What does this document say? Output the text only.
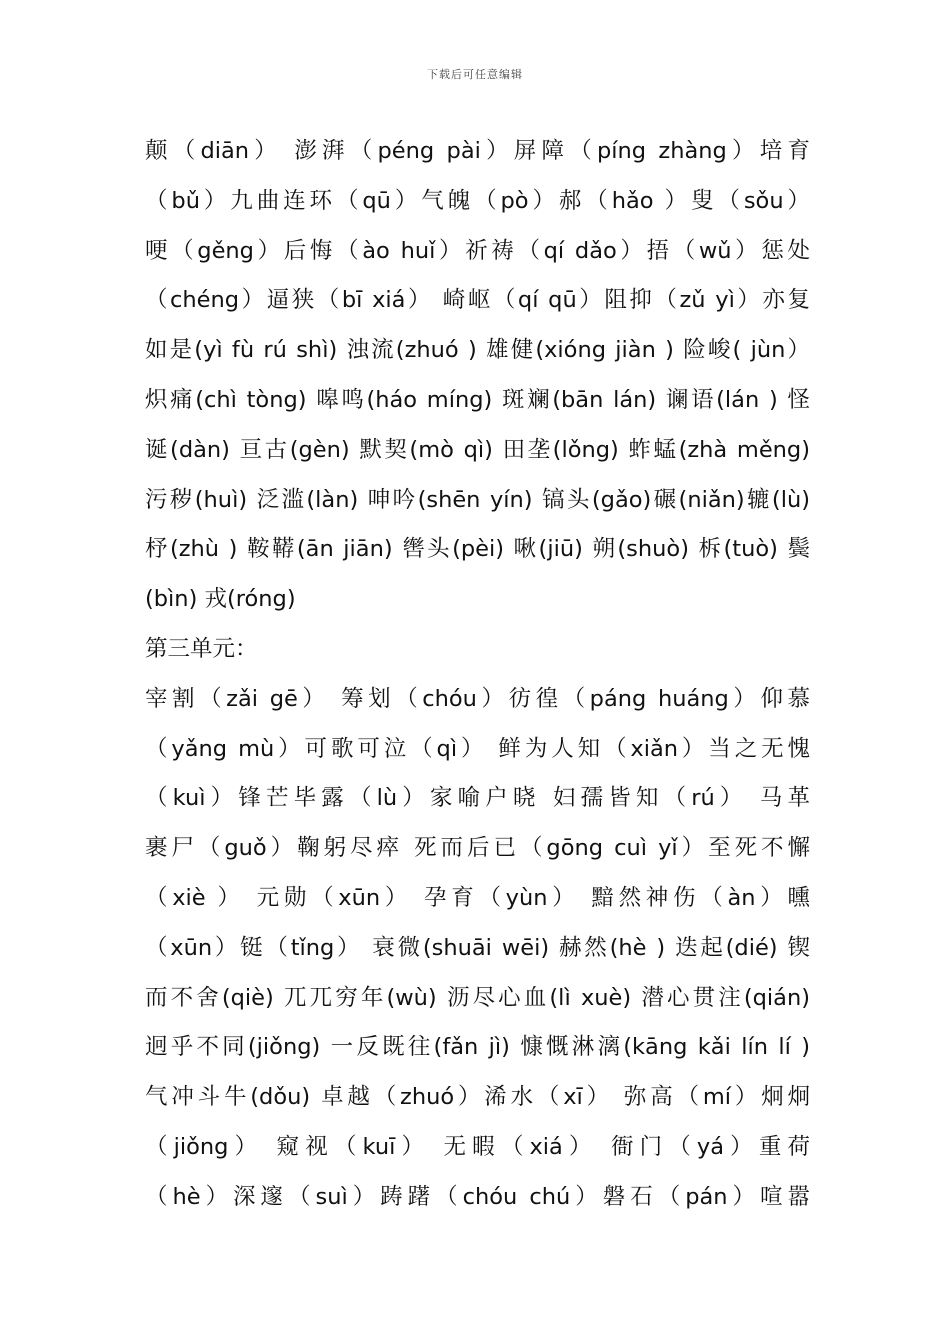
下载后可任意编辑
颠（diān） 澎湃（péng pài）屏障（píng zhàng）培育
（bǔ）九曲连环（qū）气魄（pò）郝（hǎo ）叟（sǒu）
哽（gěng）后悔（ào huǐ）祈祷（qí dǎo）捂（wǔ）惩处
（chéng）逼狭（bī xiá） 崎岖（qí qū）阻抑（zǔ yì）亦复
如是(yì fù rú shì) 浊流(zhuó ) 雄健(xióng jiàn ) 险峻( jùn）
炽痛(chì tòng) 嗥鸣(háo míng) 斑斓(bān lán) 谰语(lán ) 怪
诞(dàn) 亘古(gèn) 默契(mò qì) 田垄(lǒng) 蚱蜢(zhà měng)
污秽(huì) 泛滥(làn) 呻吟(shēn yín) 镐头(gǎo)碾(niǎn)辘(lù)
杼(zhù ) 鞍鞯(ān jiān) 辔头(pèi) 啾(jiū) 朔(shuò) 柝(tuò) 鬓
(bìn) 戎(róng)
第三单元：
宰割（zǎi gē） 筹划（chóu）彷徨（páng huáng）仰慕
（yǎng mù）可歌可泣（qì） 鲜为人知（xiǎn）当之无愧
（kuì）锋芒毕露（lù）家喻户晓 妇孺皆知（rú） 马革
裹尸（guǒ）鞠躬尽瘁 死而后已（gōng cuì yǐ）至死不懈
（xiè ） 元勋（xūn） 孕育（yùn） 黯然神伤（àn）曛
（xūn）铤（tǐng） 衰微(shuāi wēi) 赫然(hè ) 迭起(dié) 锲
而不舍(qiè) 兀兀穷年(wù) 沥尽心血(lì xuè) 潜心贯注(qián)
迥乎不同(jiǒng) 一反既往(fǎn jì) 慷慨淋漓(kāng kǎi lín lí )
气冲斗牛(dǒu) 卓越（zhuó）浠水（xī） 弥高（mí）炯炯
（jiǒng） 窥视（kuī） 无暇（xiá） 衙门（yá）重荷
（hè）深邃（suì）踌躇（chóu chú）磐石（pán）喧嚣
